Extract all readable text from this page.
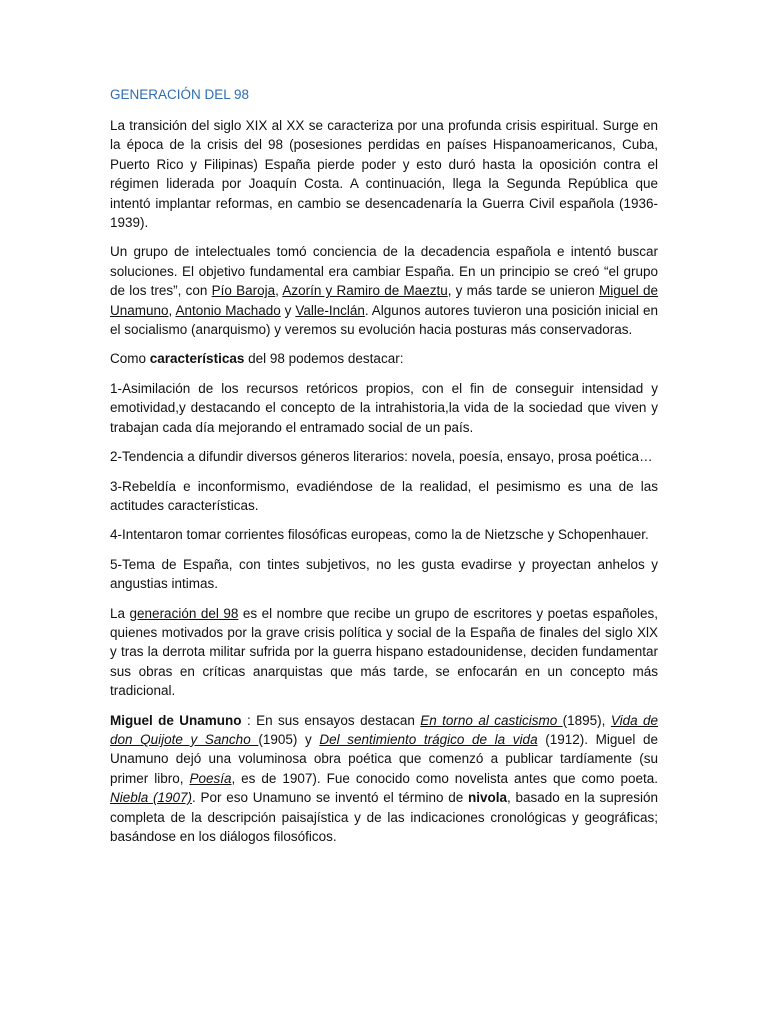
GENERACIÓN DEL 98

La transición del siglo XIX al XX se caracteriza por una profunda crisis espiritual. Surge en la época de la crisis del 98 (posesiones perdidas en países Hispanoamericanos, Cuba, Puerto Rico y Filipinas) España pierde poder y esto duró hasta la oposición contra el régimen liderada por Joaquín Costa. A continuación, llega la Segunda República que intentó implantar reformas, en cambio se desencadenaría la Guerra Civil española (1936-1939).

Un grupo de intelectuales tomó conciencia de la decadencia española e intentó buscar soluciones. El objetivo fundamental era cambiar España. En un principio se creó “el grupo de los tres”, con Pío Baroja, Azorín y Ramiro de Maeztu, y más tarde se unieron Miguel de Unamuno, Antonio Machado y Valle-Inclán. Algunos autores tuvieron una posición inicial en el socialismo (anarquismo) y veremos su evolución hacia posturas más conservadoras.

Como características del 98 podemos destacar:

1-Asimilación de los recursos retóricos propios, con el fin de conseguir intensidad y emotividad,y destacando el concepto de la intrahistoria,la vida de la sociedad que viven y trabajan cada día mejorando el entramado social de un país.

2-Tendencia a difundir diversos géneros literarios: novela, poesía, ensayo, prosa poética…

3-Rebeldía e inconformismo, evadiéndose de la realidad, el pesimismo es una de las actitudes características.

4-Intentaron tomar corrientes filosóficas europeas, como la de Nietzsche y Schopenhauer.

5-Tema de España, con tintes subjetivos, no les gusta evadirse y proyectan anhelos y angustias intimas.

La generación del 98 es el nombre que recibe un grupo de escritores y poetas españoles, quienes motivados por la grave crisis política y social de la España de finales del siglo XlX y tras la derrota militar sufrida por la guerra hispano estadounidense, deciden fundamentar sus obras en críticas anarquistas que más tarde, se enfocarán en un concepto más tradicional.

Miguel de Unamuno : En sus ensayos destacan En torno al casticismo (1895), Vida de don Quijote y Sancho (1905) y Del sentimiento trágico de la vida (1912). Miguel de Unamuno dejó una voluminosa obra poética que comenzó a publicar tardíamente (su primer libro, Poesía, es de 1907). Fue conocido como novelista antes que como poeta. Niebla (1907). Por eso Unamuno se inventó el término de nivola, basado en la supresión completa de la descripción paisajística y de las indicaciones cronológicas y geográficas; basándose en los diálogos filosóficos.
